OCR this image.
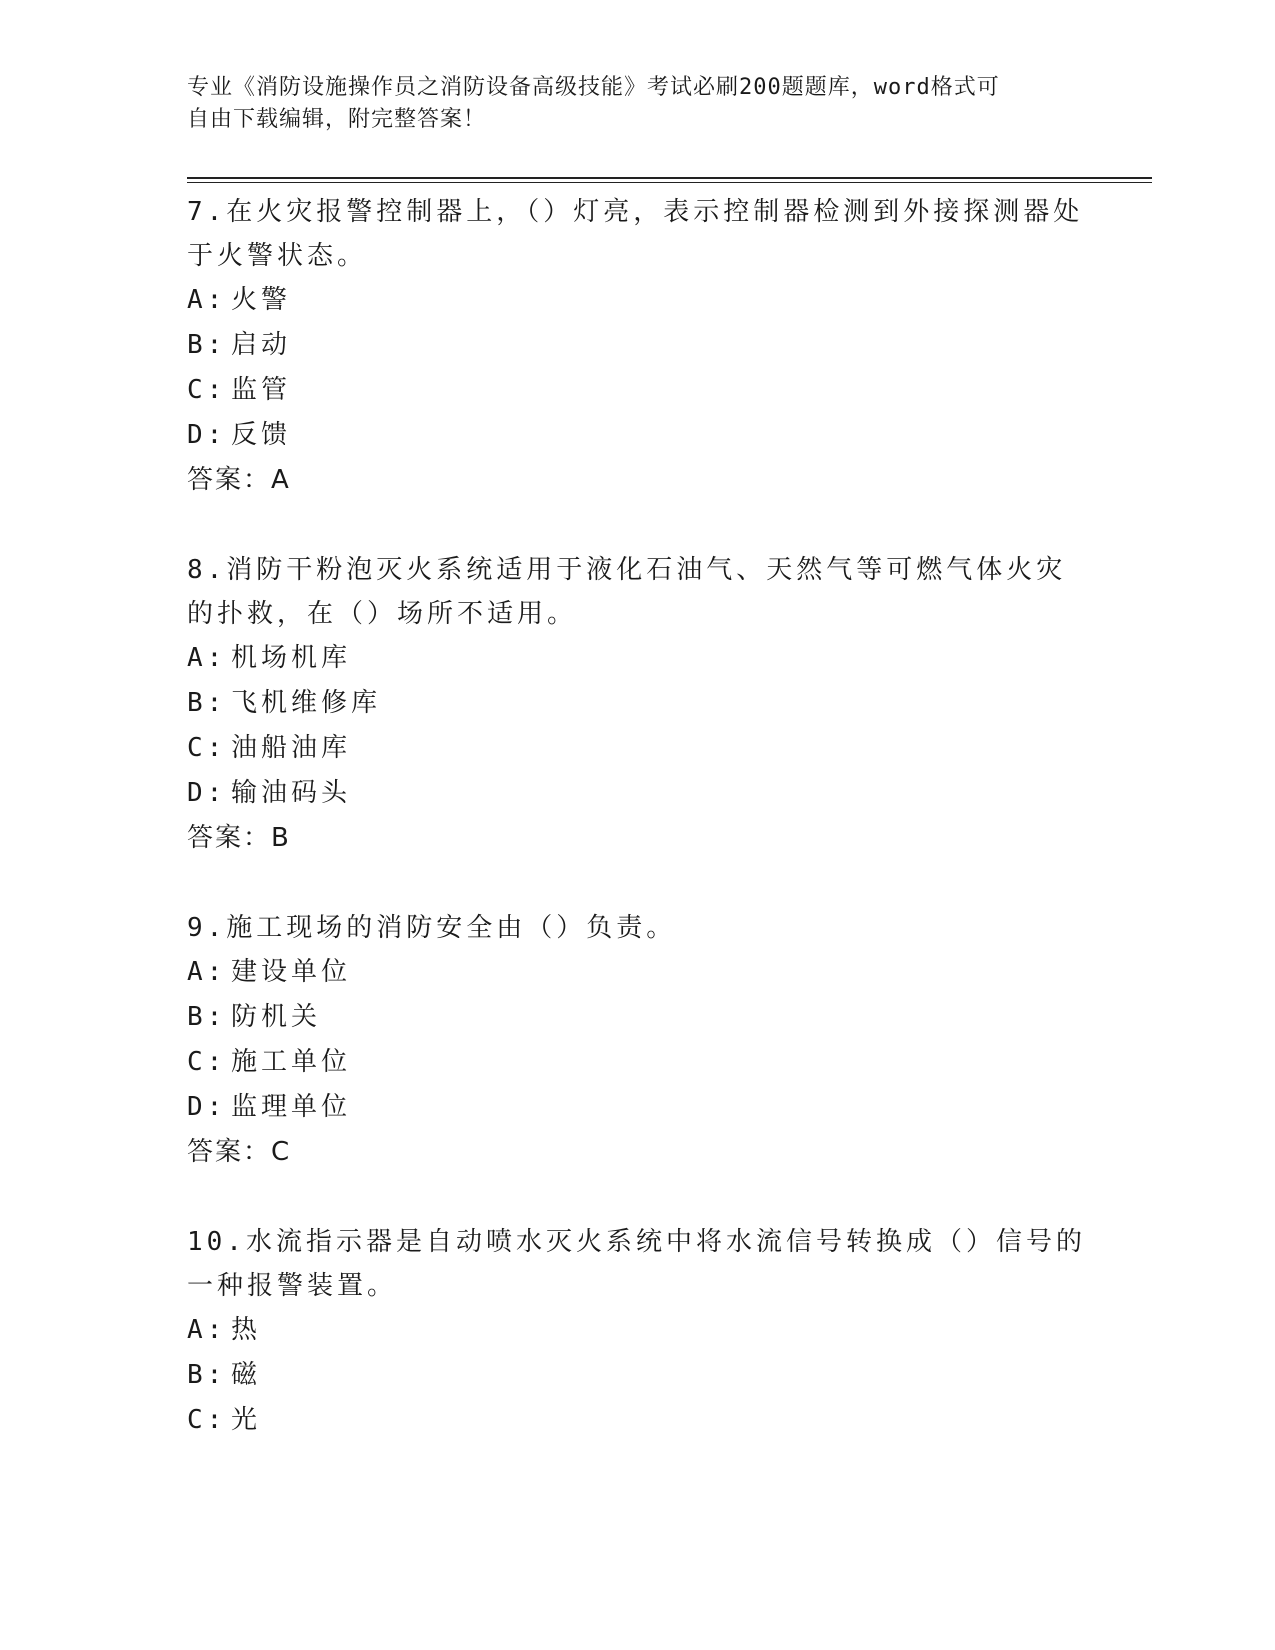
专业《消防设施操作员之消防设备高级技能》考试必刷200题题库，word格式可
自由下载编辑，附完整答案！

7.在火灾报警控制器上，（）灯亮，表示控制器检测到外接探测器处于火警状态。

A: 火警

B: 启动

C: 监管

D: 反馈

答案：A

8.消防干粉泡灭火系统适用于液化石油气、天然气等可燃气体火灾的扑救，在（）场所不适用。

A: 机场机库

B: 飞机维修库

C: 油船油库

D: 输油码头

答案：B

9.施工现场的消防安全由（）负责。

A: 建设单位

B: 防机关

C: 施工单位

D: 监理单位

答案：C

10.水流指示器是自动喷水灭火系统中将水流信号转换成（）信号的一种报警装置。

A: 热

B: 磁

C: 光
